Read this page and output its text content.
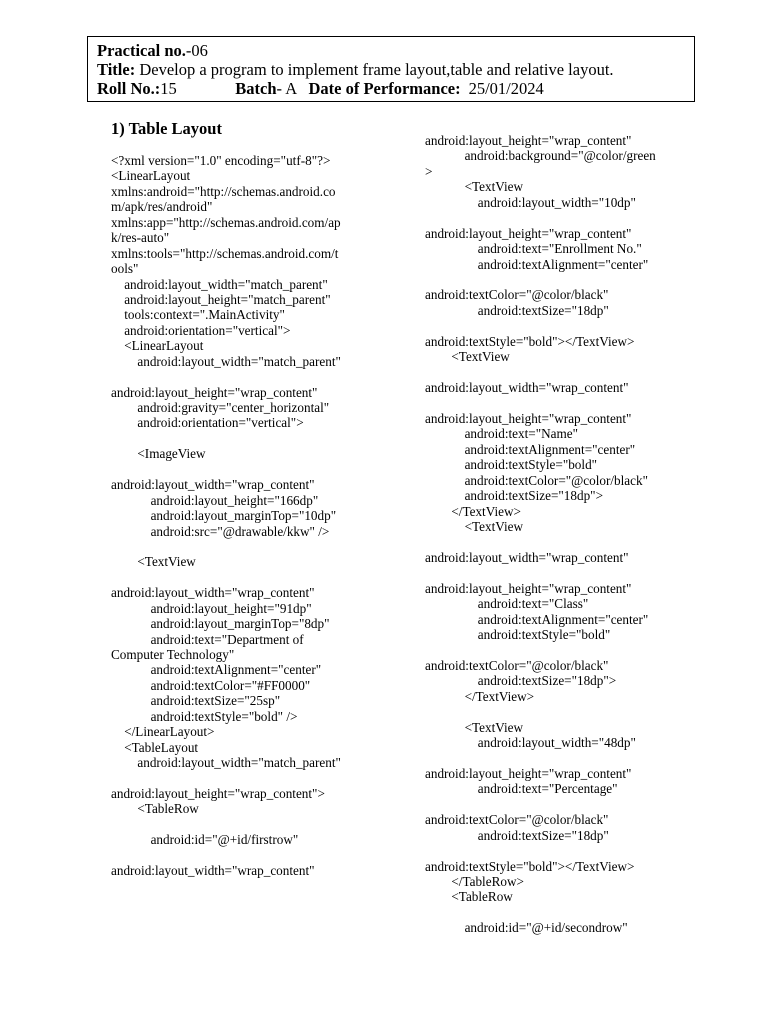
Practical no.-06
Title: Develop a program to implement frame layout,table and relative layout.
Roll No.:15	Batch- A Date of Performance: 25/01/2024
1) Table Layout
<?xml version="1.0" encoding="utf-8"?>
<LinearLayout
xmlns:android="http://schemas.android.co
m/apk/res/android"
xmlns:app="http://schemas.android.com/ap
k/res-auto"
xmlns:tools="http://schemas.android.com/t
ools"
android:layout_width="match_parent"
android:layout_height="match_parent"
tools:context=".MainActivity"
android:orientation="vertical">
<LinearLayout
android:layout_width="match_parent"
android:layout_height="wrap_content"
android:gravity="center_horizontal"
android:orientation="vertical">
<ImageView
android:layout_width="wrap_content"
android:layout_height="166dp"
android:layout_marginTop="10dp"
android:src="@drawable/kkw" />
<TextView
android:layout_width="wrap_content"
android:layout_height="91dp"
android:layout_marginTop="8dp"
android:text="Department of
Computer Technology"
android:textAlignment="center"
android:textColor="#FF0000"
android:textSize="25sp"
android:textStyle="bold" />
</LinearLayout>
<TableLayout
android:layout_width="match_parent"
android:layout_height="wrap_content">
<TableRow
android:id="@+id/firstrow"
android:layout_width="wrap_content"
android:layout_height="wrap_content"
android:background="@color/green
>
<TextView
android:layout_width="10dp"
android:layout_height="wrap_content"
android:text="Enrollment No."
android:textAlignment="center"
android:textColor="@color/black"
android:textSize="18dp"
android:textStyle="bold"></TextView>
<TextView
android:layout_width="wrap_content"
android:layout_height="wrap_content"
android:text="Name"
android:textAlignment="center"
android:textStyle="bold"
android:textColor="@color/black"
android:textSize="18dp">
</TextView>
<TextView
android:layout_width="wrap_content"
android:layout_height="wrap_content"
android:text="Class"
android:textAlignment="center"
android:textStyle="bold"
android:textColor="@color/black"
android:textSize="18dp">
</TextView>
<TextView
android:layout_width="48dp"
android:layout_height="wrap_content"
android:text="Percentage"
android:textColor="@color/black"
android:textSize="18dp"
android:textStyle="bold"></TextView>
</TableRow>
<TableRow
android:id="@+id/secondrow"
